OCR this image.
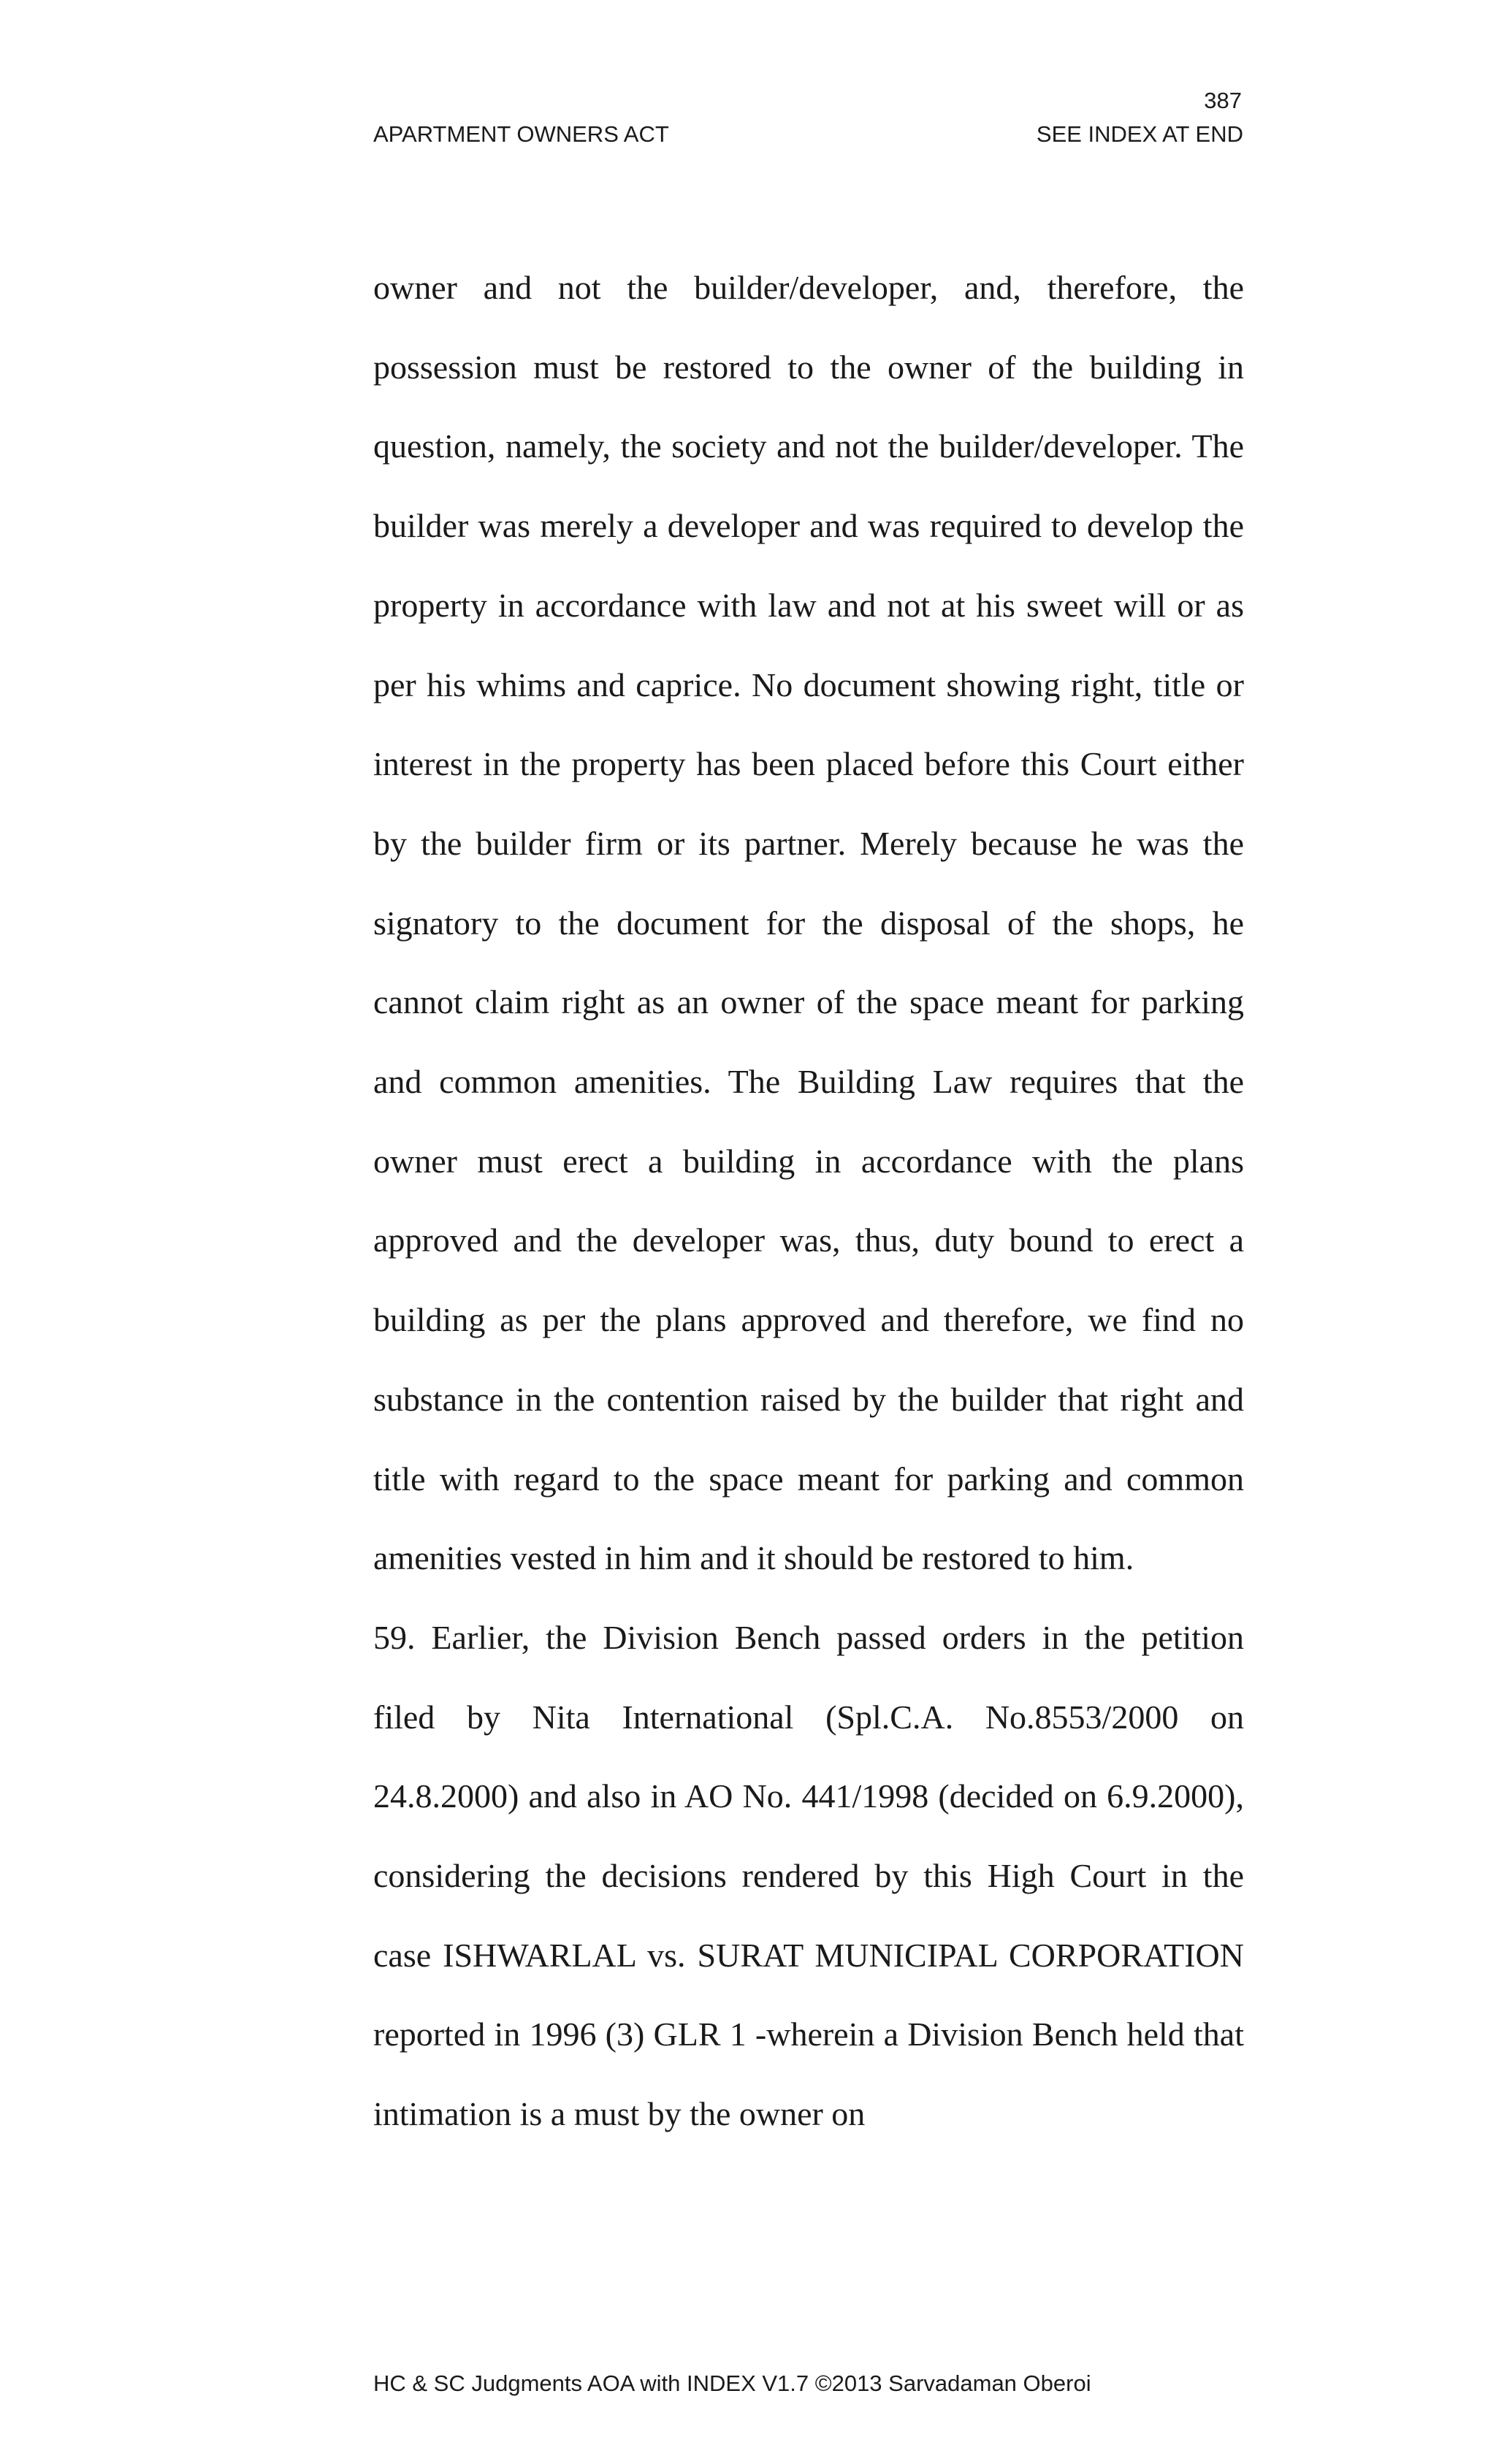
387
APARTMENT OWNERS ACT	SEE INDEX AT END

owner and not the builder/developer, and, therefore, the possession must be restored to the owner of the building in question, namely, the society and not the builder/developer. The builder was merely a developer and was required to develop the property in accordance with law and not at his sweet will or as per his whims and caprice. No document showing right, title or interest in the property has been placed before this Court either by the builder firm or its partner. Merely because he was the signatory to the document for the disposal of the shops, he cannot claim right as an owner of the space meant for parking and common amenities. The Building Law requires that the owner must erect a building in accordance with the plans approved and the developer was, thus, duty bound to erect a building as per the plans approved and therefore, we find no substance in the contention raised by the builder that right and title with regard to the space meant for parking and common amenities vested in him and it should be restored to him.

59. Earlier, the Division Bench passed orders in the petition filed by Nita International (Spl.C.A. No.8553/2000 on 24.8.2000) and also in AO No. 441/1998 (decided on 6.9.2000), considering the decisions rendered by this High Court in the case ISHWARLAL vs. SURAT MUNICIPAL CORPORATION reported in 1996 (3) GLR 1 -wherein a Division Bench held that intimation is a must by the owner on

HC & SC Judgments AOA with INDEX V1.7 ©2013 Sarvadaman Oberoi
